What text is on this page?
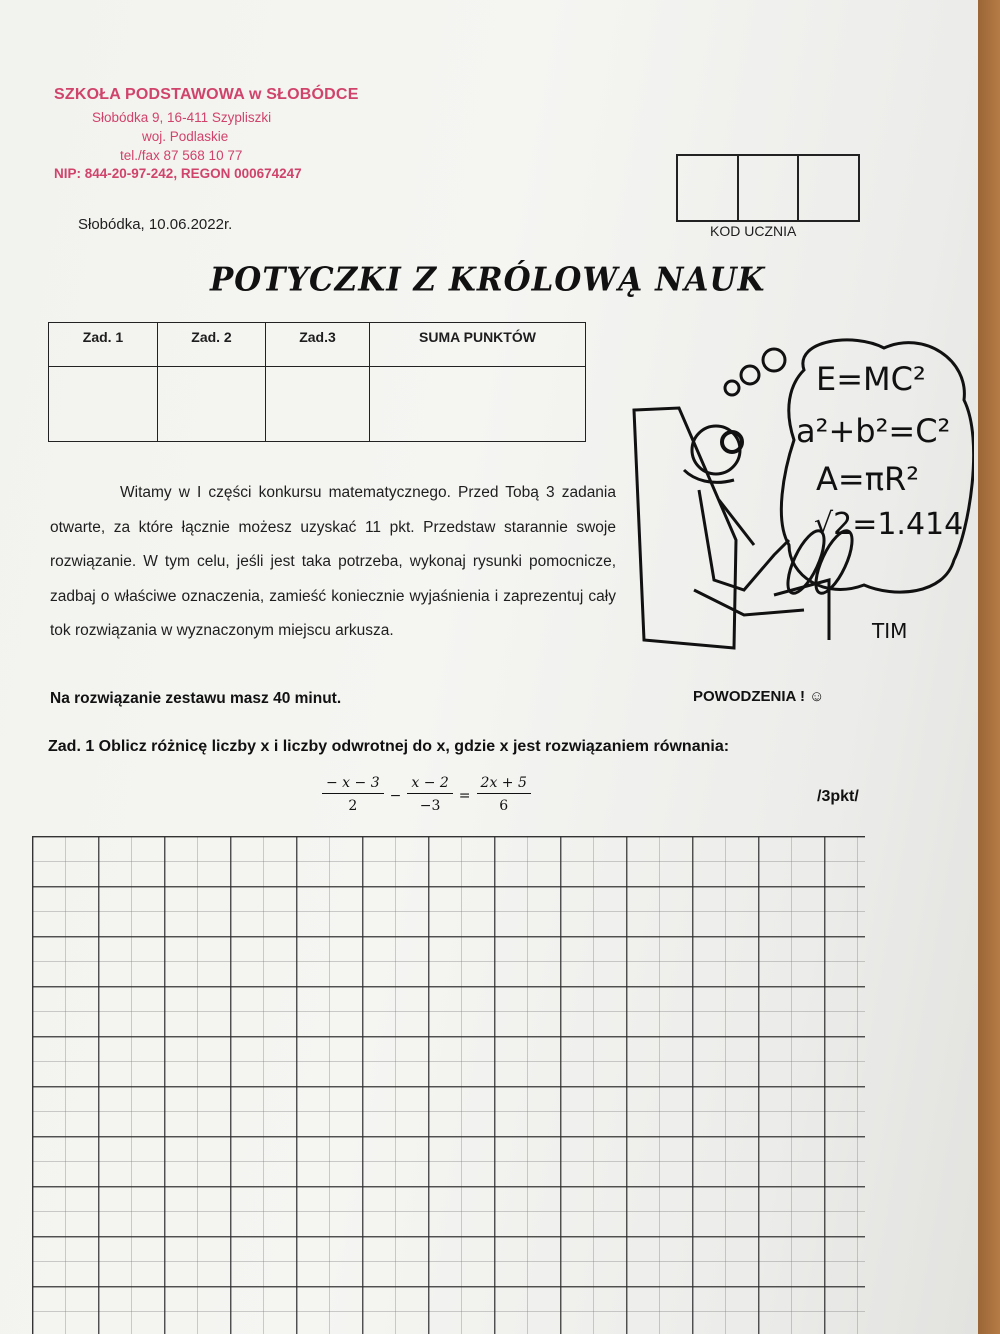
SZKOŁA PODSTAWOWA w SŁOBÓDCE
Słobódka 9, 16-411 Szypliszki
woj. Podlaskie
tel./fax 87 568 10 77
NIP: 844-20-97-242, REGON 000674247
Słobódka, 10.06.2022r.	KOD UCZNIA
POTYCZKI Z KRÓLOWĄ NAUK
Zad. 1	Zad. 2	Zad.3	SUMA PUNKTÓW

E=MC²
a²+b²=C²
A=πR²
√2=1.414
TIM
Witamy w I części konkursu matematycznego. Przed Tobą 3 zadania otwarte, za które łącznie możesz uzyskać 11 pkt. Przedstaw starannie swoje rozwiązanie. W tym celu, jeśli jest taka potrzeba, wykonaj rysunki pomocnicze, zadbaj o właściwe oznaczenia, zamieść koniecznie wyjaśnienia i zaprezentuj cały tok rozwiązania w wyznaczonym miejscu arkusza.
Na rozwiązanie zestawu masz 40 minut.	POWODZENIA ! ☺
Zad. 1 Oblicz różnicę liczby x i liczby odwrotnej do x, gdzie x jest rozwiązaniem równania:
$\frac{- x - 3}{2} - \frac{x - 2}{-3} = \frac{2x + 5}{6}$	/3pkt/
